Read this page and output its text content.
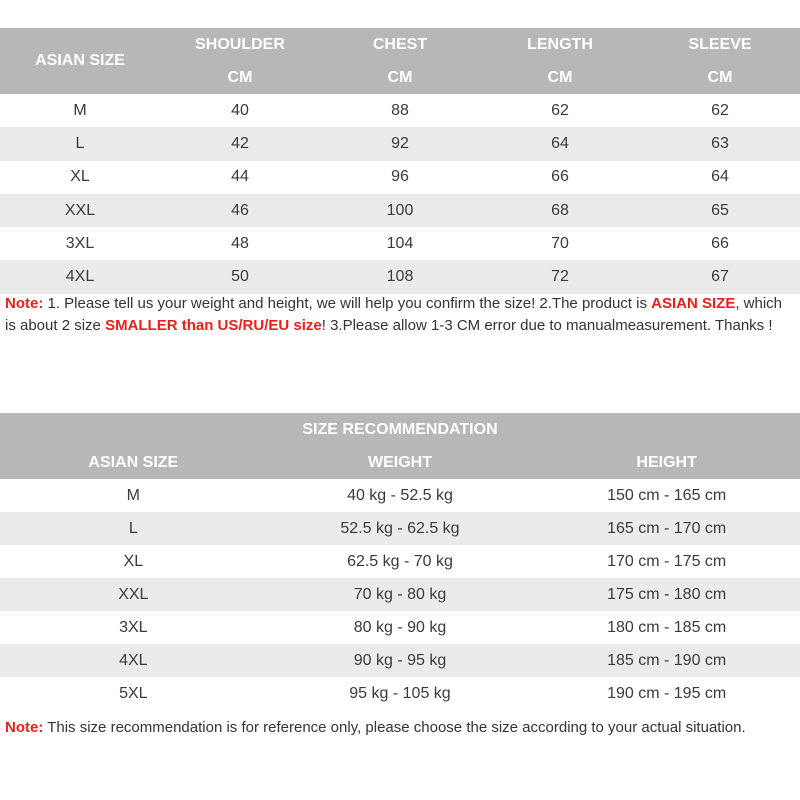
ASIAN SIZE	SHOULDER	CHEST	LENGTH	SLEEVE
	CM	CM	CM	CM
M	40	88	62	62
L	42	92	64	63
XL	44	96	66	64
XXL	46	100	68	65
3XL	48	104	70	66
4XL	50	108	72	67
Note: 1. Please tell us your weight and height, we will help you confirm the size! 2.The product is ASIAN SIZE, which is about 2 size SMALLER than US/RU/EU size! 3.Please allow 1-3 CM error due to manualmeasurement. Thanks !
SIZE RECOMMENDATION		
ASIAN SIZE	WEIGHT	HEIGHT
M	40 kg - 52.5 kg	150 cm - 165 cm
L	52.5 kg - 62.5 kg	165 cm - 170 cm
XL	62.5 kg - 70 kg	170 cm - 175 cm
XXL	70 kg - 80 kg	175 cm - 180 cm
3XL	80 kg - 90 kg	180 cm - 185 cm
4XL	90 kg - 95 kg	185 cm - 190 cm
5XL	95 kg - 105 kg	190 cm - 195 cm
Note: This size recommendation is for reference only, please choose the size according to your actual situation.
